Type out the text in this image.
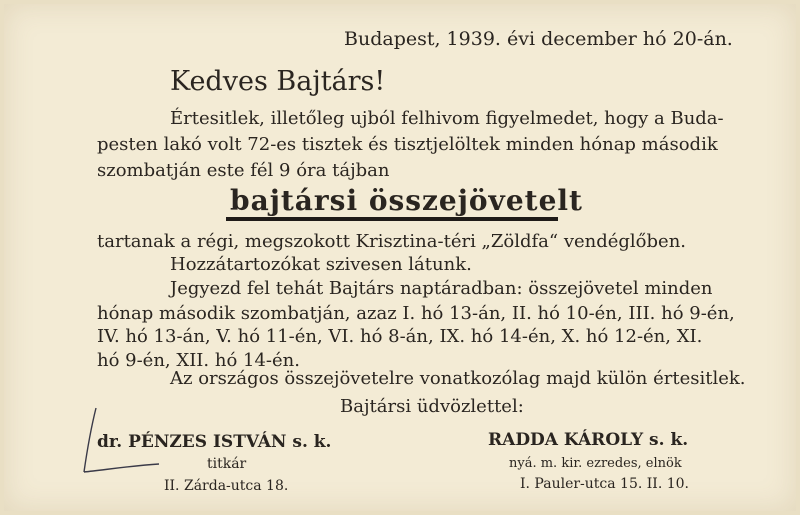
Budapest, 1939. évi december hó 20-án.
Kedves Bajtárs!
Értesitlek, illetőleg ujból felhivom figyelmedet, hogy a Buda-
pesten lakó volt 72-es tisztek és tisztjelöltek minden hónap második
szombatján este fél 9 óra tájban
bajtársi összejövetelt
tartanak a régi, megszokott Krisztina-téri „Zöldfa“ vendéglőben.
Hozzátartozókat szivesen látunk.
Jegyezd fel tehát Bajtárs naptáradban: összejövetel minden
hónap második szombatján, azaz I. hó 13-án, II. hó 10-én, III. hó 9-én,
IV. hó 13-án, V. hó 11-én, VI. hó 8-án, IX. hó 14-én, X. hó 12-én, XI.
hó 9-én, XII. hó 14-én.
Az országos összejövetelre vonatkozólag majd külön értesitlek.
Bajtársi üdvözlettel:
dr. PÉNZES ISTVÁN s. k.
titkár
II. Zárda-utca 18.
RADDA KÁROLY s. k.
nyá. m. kir. ezredes, elnök
I. Pauler-utca 15. II. 10.
